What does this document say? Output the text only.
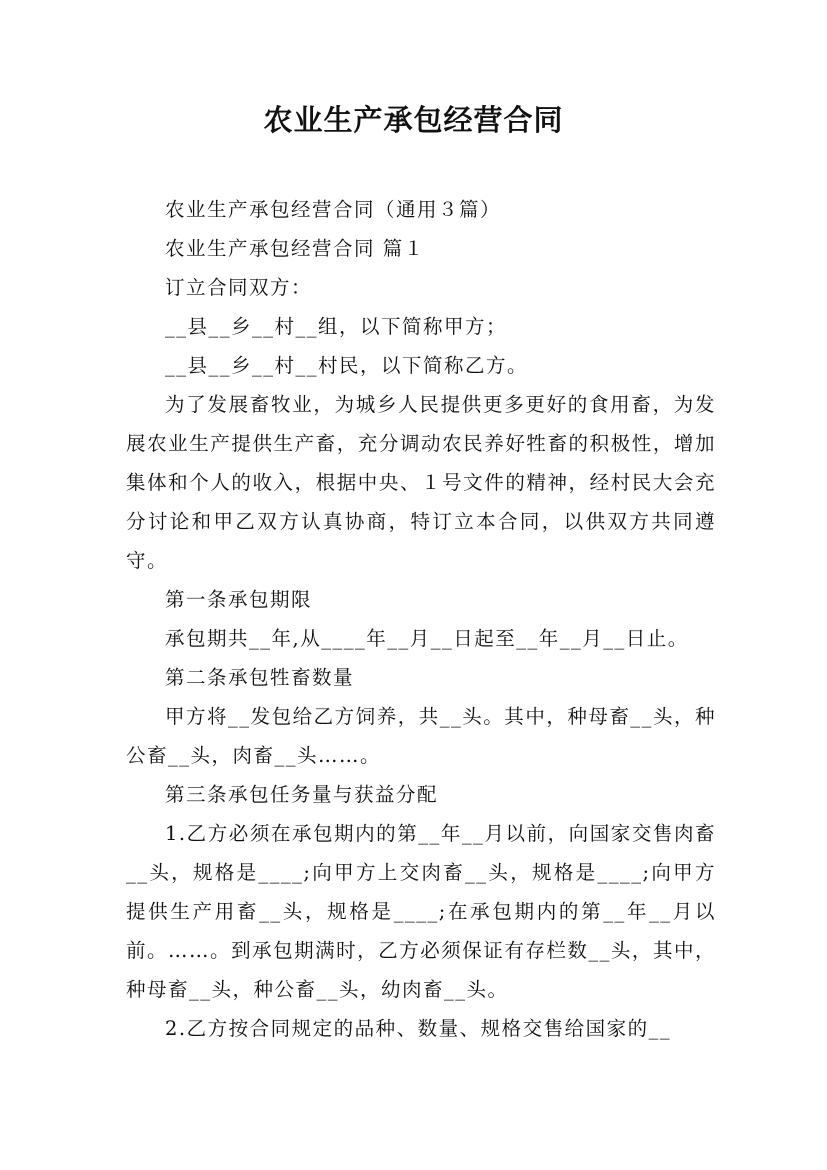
农业生产承包经营合同

农业生产承包经营合同（通用３篇）

农业生产承包经营合同 篇１

订立合同双方：

__县__乡__村__组，以下简称甲方；

__县__乡__村__村民，以下简称乙方。

为了发展畜牧业，为城乡人民提供更多更好的食用畜，为发展农业生产提供生产畜，充分调动农民养好牲畜的积极性，增加集体和个人的收入，根据中央、１号文件的精神，经村民大会充分讨论和甲乙双方认真协商，特订立本合同，以供双方共同遵守。

第一条承包期限

承包期共__年,从____年__月__日起至__年__月__日止。

第二条承包牲畜数量

甲方将__发包给乙方饲养，共__头。其中，种母畜__头，种公畜__头，肉畜__头……。

第三条承包任务量与获益分配

1.乙方必须在承包期内的第__年__月以前，向国家交售肉畜__头，规格是____;向甲方上交肉畜__头，规格是____;向甲方提供生产用畜__头，规格是____;在承包期内的第__年__月以前。……。到承包期满时，乙方必须保证有存栏数__头，其中，种母畜__头，种公畜__头，幼肉畜__头。

2.乙方按合同规定的品种、数量、规格交售给国家的__
